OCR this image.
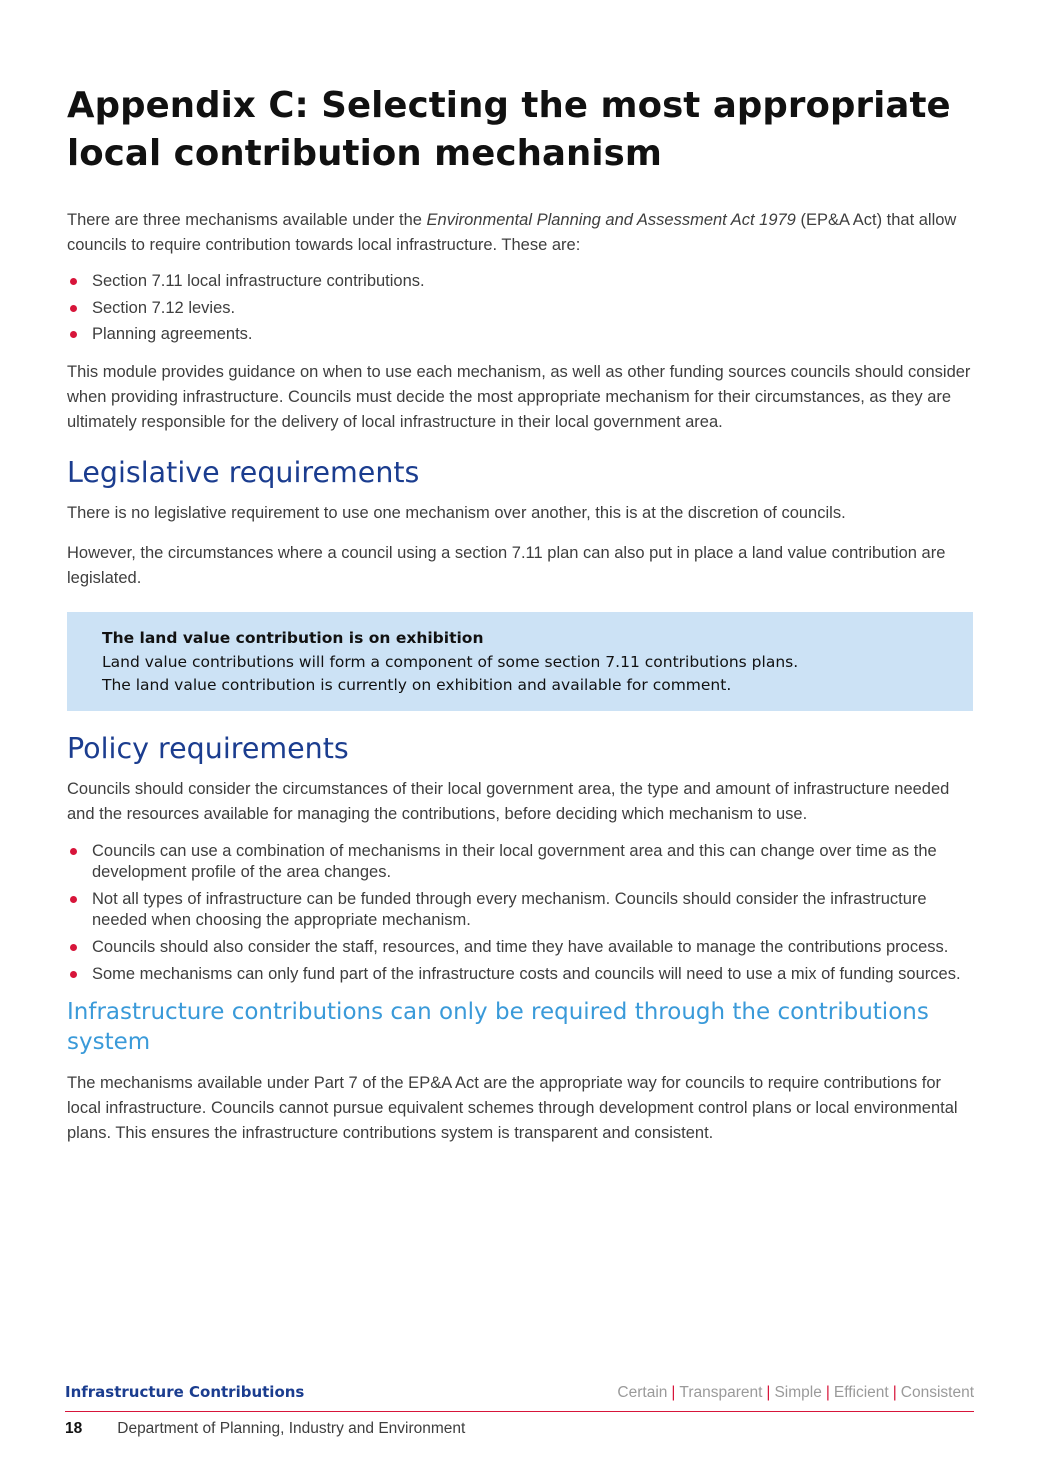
Appendix C: Selecting the most appropriate
local contribution mechanism

There are three mechanisms available under the Environmental Planning and Assessment Act 1979 (EP&A Act) that allow councils to require contribution towards local infrastructure. These are:

Section 7.11 local infrastructure contributions.
Section 7.12 levies.
Planning agreements.

This module provides guidance on when to use each mechanism, as well as other funding sources councils should consider when providing infrastructure. Councils must decide the most appropriate mechanism for their circumstances, as they are ultimately responsible for the delivery of local infrastructure in their local government area.

Legislative requirements

There is no legislative requirement to use one mechanism over another, this is at the discretion of councils.

However, the circumstances where a council using a section 7.11 plan can also put in place a land value contribution are legislated.

The land value contribution is on exhibition
Land value contributions will form a component of some section 7.11 contributions plans.
The land value contribution is currently on exhibition and available for comment.
Policy requirements

Councils should consider the circumstances of their local government area, the type and amount of infrastructure needed and the resources available for managing the contributions, before deciding which mechanism to use.

Councils can use a combination of mechanisms in their local government area and this can change over time as the development profile of the area changes.
Not all types of infrastructure can be funded through every mechanism. Councils should consider the infrastructure needed when choosing the appropriate mechanism.
Councils should also consider the staff, resources, and time they have available to manage the contributions process.
Some mechanisms can only fund part of the infrastructure costs and councils will need to use a mix of funding sources.
Infrastructure contributions can only be required through the contributions system

The mechanisms available under Part 7 of the EP&A Act are the appropriate way for councils to require contributions for local infrastructure. Councils cannot pursue equivalent schemes through development control plans or local environmental plans. This ensures the infrastructure contributions system is transparent and consistent.

Infrastructure Contributions	Certain | Transparent | Simple | Efficient | Consistent
18 Department of Planning, Industry and Environment
